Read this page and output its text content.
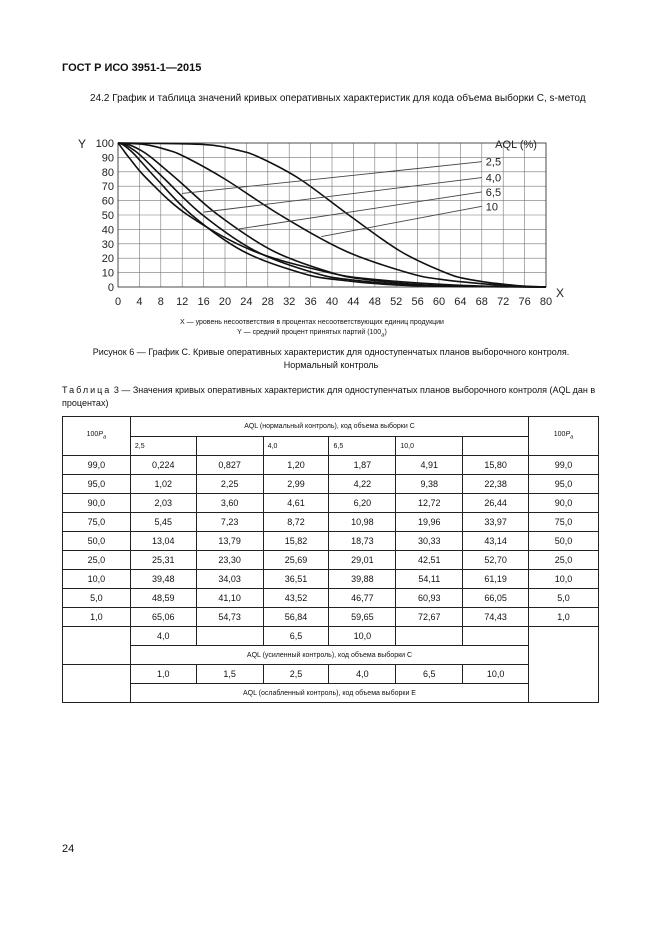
ГОСТ Р ИСО 3951-1—2015
24.2 График и таблица значений кривых оперативных характеристик для кода объема выборки C, s-метод
0 4 8 12 16 20 24 28 32 36 40 44 48 52 56 60 64 68 72 76 80
0
10
20
30
40
50
60
70
80
90
100
Y
X
AQL (%)
2,5
4,0
6,5
10
X — уровень несоответствия в процентах несоответствующих единиц продукции
Y — средний процент принятых партий $(100_a)$
Рисунок 6 — График C. Кривые оперативных характеристик для одноступенчатых планов выборочного контроля.
Нормальный контроль
Таблица 3 — Значения кривых оперативных характеристик для одноступенчатых планов выборочного контроля (AQL дан в процентах)
$100P_a$	AQL (нормальный контроль), код объема выборки C						$100P_a$
	2,5		4,0	6,5	10,0		
99,0	0,224	0,827	1,20	1,87	4,91	15,80	99,0
95,0	1,02	2,25	2,99	4,22	9,38	22,38	95,0
90,0	2,03	3,60	4,61	6,20	12,72	26,44	90,0
75,0	5,45	7,23	8,72	10,98	19,96	33,97	75,0
50,0	13,04	13,79	15,82	18,73	30,33	43,14	50,0
25,0	25,31	23,30	25,69	29,01	42,51	52,70	25,0
10,0	39,48	34,03	36,51	39,88	54,11	61,19	10,0
5,0	48,59	41,10	43,52	46,77	60,93	66,05	5,0
1,0	65,06	54,73	56,84	59,65	72,67	74,43	1,0
	4,0		6,5	10,0			
	AQL (усиленный контроль), код объема выборки C						
	1,0	1,5	2,5	4,0	6,5	10,0	
	AQL (ослабленный контроль), код объема выборки E						
24
